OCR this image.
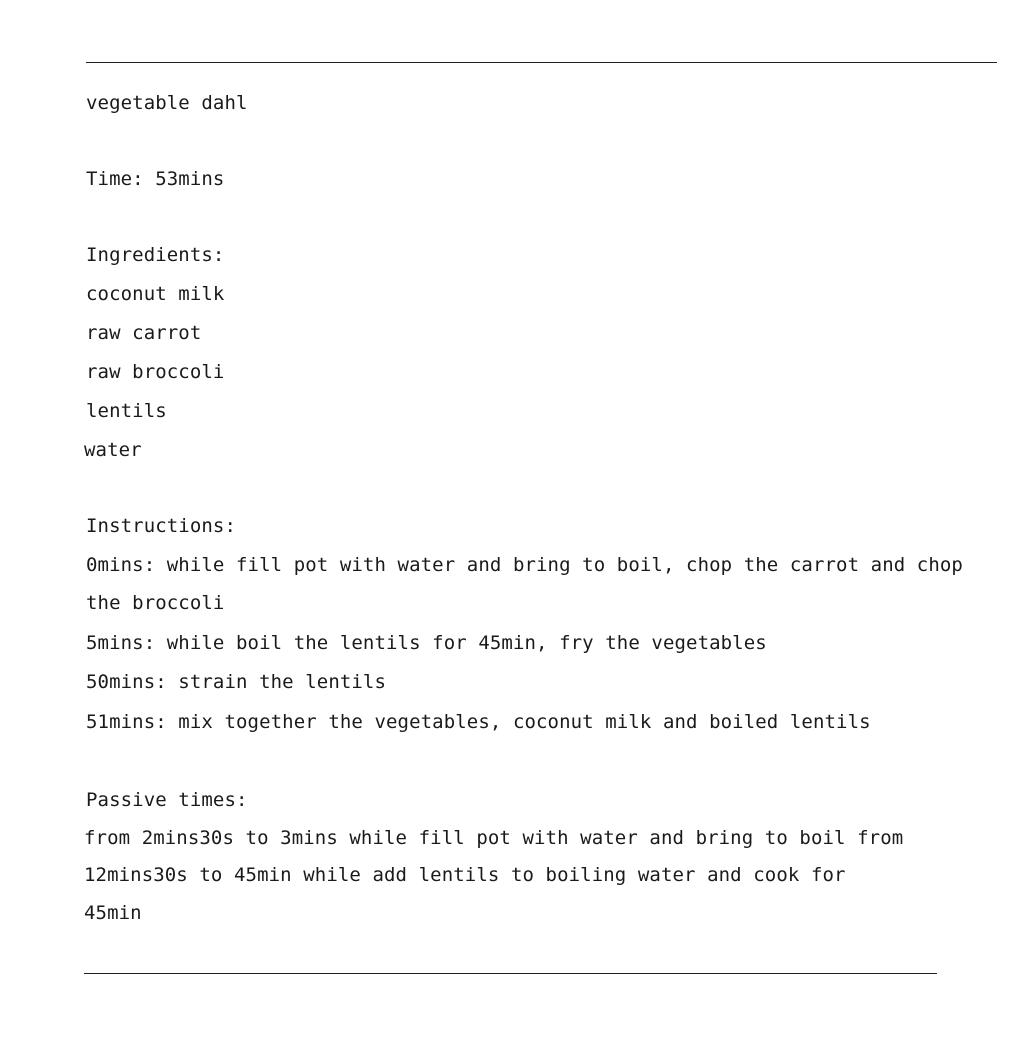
vegetable dahl
Time: 53mins
Ingredients:
coconut milk
raw carrot
raw broccoli
lentils
water
Instructions:
0mins: while fill pot with water and bring to boil, chop the carrot and chop
the broccoli
5mins: while boil the lentils for 45min, fry the vegetables
50mins: strain the lentils
51mins: mix together the vegetables, coconut milk and boiled lentils
Passive times:
from 2mins30s to 3mins while fill pot with water and bring to boil from
12mins30s to 45min while add lentils to boiling water and cook for
45min
